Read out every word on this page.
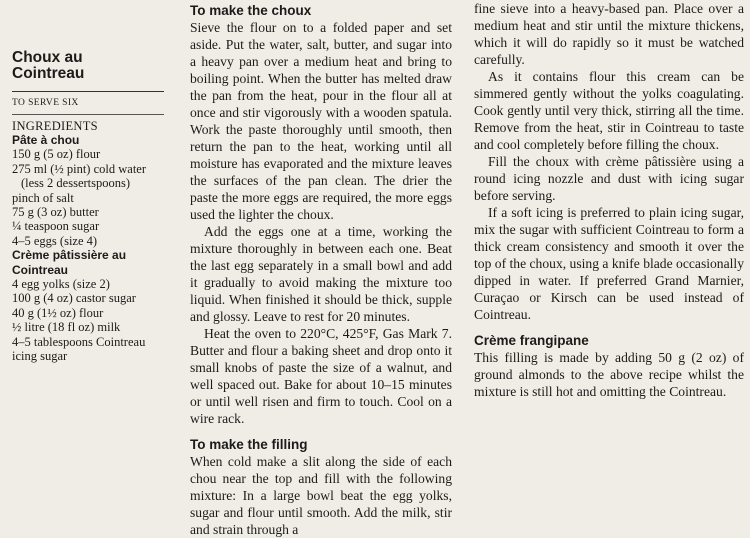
Choux au

Cointreau

TO SERVE SIX

INGREDIENTS

Pâte à chou

150 g (5 oz) flour

275 ml (½ pint) cold water

(less 2 dessertspoons)

pinch of salt

75 g (3 oz) butter

¼ teaspoon sugar

4–5 eggs (size 4)

Crème pâtissière au

Cointreau

4 egg yolks (size 2)

100 g (4 oz) castor sugar

40 g (1½ oz) flour

½ litre (18 fl oz) milk

4–5 tablespoons Cointreau

icing sugar

To make the choux

Sieve the flour on to a folded paper and set aside. Put the water, salt, butter, and sugar into a heavy pan over a medium heat and bring to boiling point. When the butter has melted draw the pan from the heat, pour in the flour all at once and stir vigorously with a wooden spatula. Work the paste thoroughly until smooth, then return the pan to the heat, working until all moisture has evaporated and the mixture leaves the surfaces of the pan clean. The drier the paste the more eggs are required, the more eggs used the lighter the choux.

Add the eggs one at a time, working the mixture thoroughly in between each one. Beat the last egg separately in a small bowl and add it gradually to avoid making the mixture too liquid. When finished it should be thick, supple and glossy. Leave to rest for 20 minutes.

Heat the oven to 220°C, 425°F, Gas Mark 7. Butter and flour a baking sheet and drop onto it small knobs of paste the size of a walnut, and well spaced out. Bake for about 10–15 minutes or until well risen and firm to touch. Cool on a wire rack.

To make the filling

When cold make a slit along the side of each chou near the top and fill with the following mixture: In a large bowl beat the egg yolks, sugar and flour until smooth. Add the milk, stir and strain through a

fine sieve into a heavy-based pan. Place over a medium heat and stir until the mixture thickens, which it will do rapidly so it must be watched carefully.

As it contains flour this cream can be simmered gently without the yolks coagulating. Cook gently until very thick, stirring all the time. Remove from the heat, stir in Cointreau to taste and cool completely before filling the choux.

Fill the choux with crème pâtissière using a round icing nozzle and dust with icing sugar before serving.

If a soft icing is preferred to plain icing sugar, mix the sugar with sufficient Cointreau to form a thick cream consistency and smooth it over the top of the choux, using a knife blade occasionally dipped in water. If preferred Grand Marnier, Curaçao or Kirsch can be used instead of Cointreau.

Crème frangipane

This filling is made by adding 50 g (2 oz) of ground almonds to the above recipe whilst the mixture is still hot and omitting the Cointreau.
